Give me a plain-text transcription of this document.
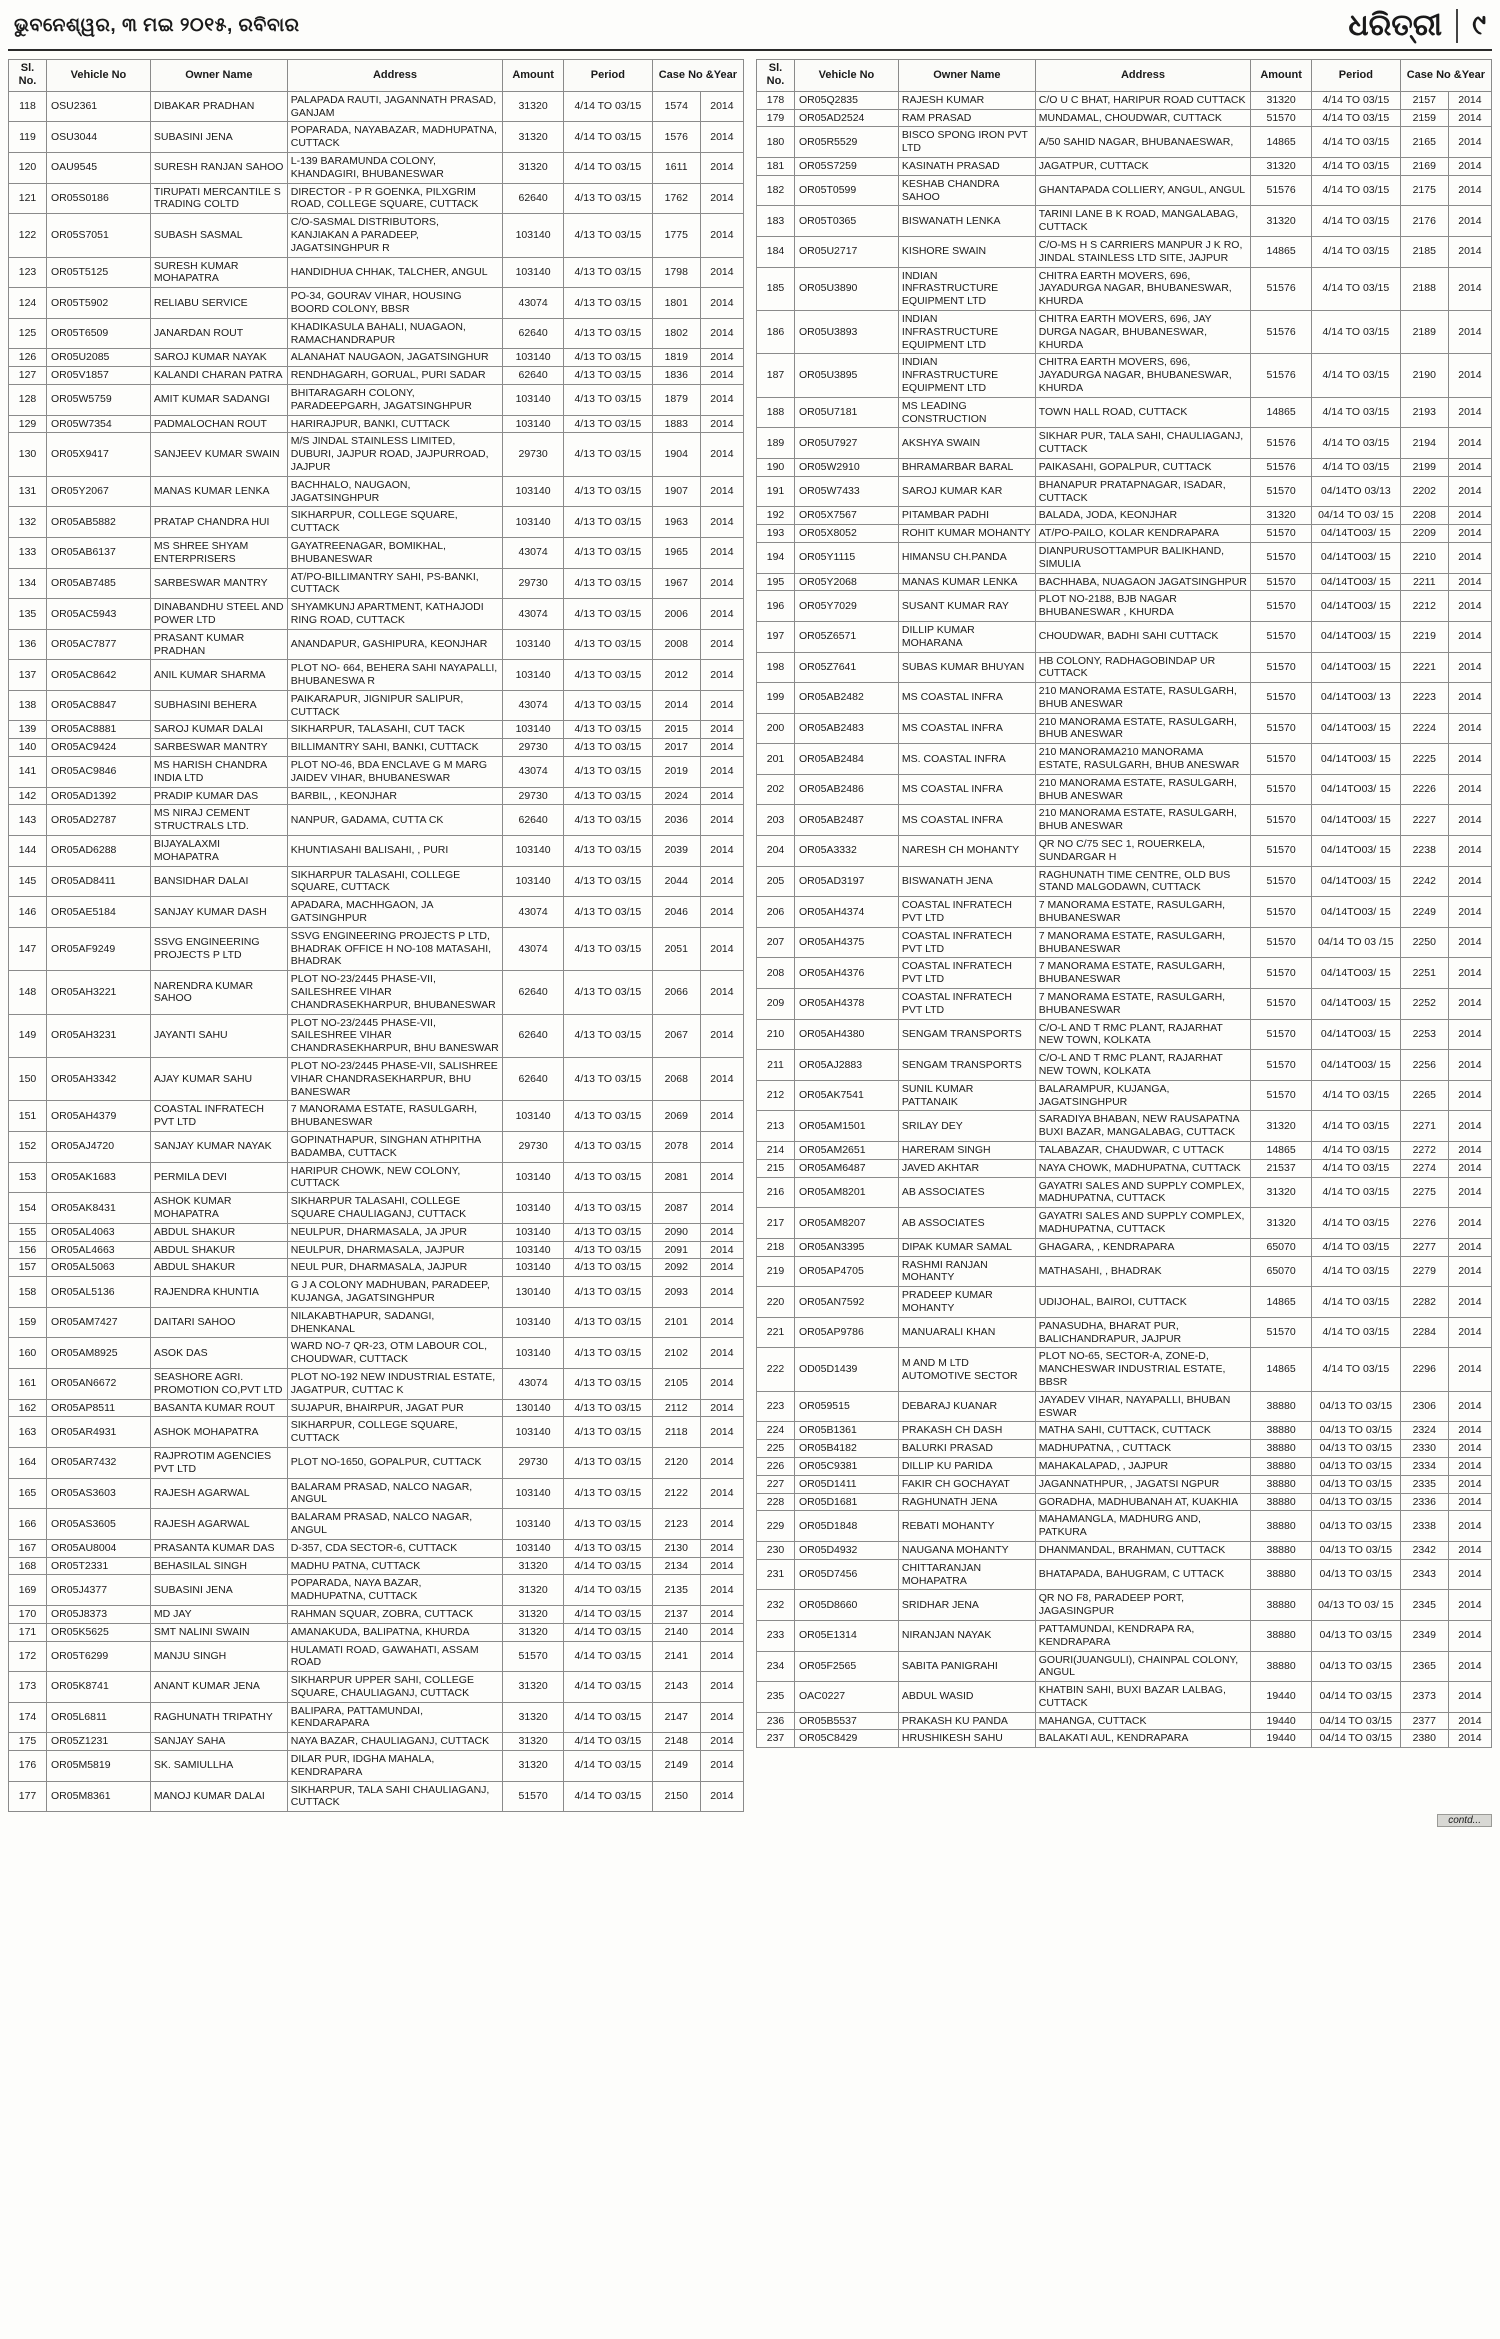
ଭୁବନେଶ୍ୱର, ୩ ମଇ ୨୦୧୫, ରବିବାର	ଧରିତ୍ରୀ ୯
Sl. No.	Vehicle No	Owner Name	Address	Amount	Period	Case No &Year	
118	OSU2361	DIBAKAR PRADHAN	PALAPADA RAUTI, JAGANNATH PRASAD, GANJAM	31320	4/14 TO 03/15	1574	2014
119	OSU3044	SUBASINI JENA	POPARADA, NAYABAZAR, MADHUPATNA, CUTTACK	31320	4/14 TO 03/15	1576	2014
120	OAU9545	SURESH RANJAN SAHOO	L-139 BARAMUNDA COLONY, KHANDAGIRI, BHUBANESWAR	31320	4/14 TO 03/15	1611	2014
121	OR05S0186	TIRUPATI MERCANTILE S TRADING COLTD	DIRECTOR - P R GOENKA, PILXGRIM ROAD, COLLEGE SQUARE, CUTTACK	62640	4/13 TO 03/15	1762	2014
122	OR05S7051	SUBASH SASMAL	C/O-SASMAL DISTRIBUTORS, KANJIAKAN A PARADEEP, JAGATSINGHPUR R	103140	4/13 TO 03/15	1775	2014
123	OR05T5125	SURESH KUMAR MOHAPATRA	HANDIDHUA CHHAK, TALCHER, ANGUL	103140	4/13 TO 03/15	1798	2014
124	OR05T5902	RELIABU SERVICE	PO-34, GOURAV VIHAR, HOUSING BOORD COLONY, BBSR	43074	4/13 TO 03/15	1801	2014
125	OR05T6509	JANARDAN ROUT	KHADIKASULA BAHALI, NUAGAON, RAMACHANDRAPUR	62640	4/13 TO 03/15	1802	2014
126	OR05U2085	SAROJ KUMAR NAYAK	ALANAHAT NAUGAON, JAGATSINGHUR	103140	4/13 TO 03/15	1819	2014
127	OR05V1857	KALANDI CHARAN PATRA	RENDHAGARH, GORUAL, PURI SADAR	62640	4/13 TO 03/15	1836	2014
128	OR05W5759	AMIT KUMAR SADANGI	BHITARAGARH COLONY, PARADEEPGARH, JAGATSINGHPUR	103140	4/13 TO 03/15	1879	2014
129	OR05W7354	PADMALOCHAN ROUT	HARIRAJPUR, BANKI, CUTTACK	103140	4/13 TO 03/15	1883	2014
130	OR05X9417	SANJEEV KUMAR SWAIN	M/S JINDAL STAINLESS LIMITED, DUBURI, JAJPUR ROAD, JAJPURROAD, JAJPUR	29730	4/13 TO 03/15	1904	2014
131	OR05Y2067	MANAS KUMAR LENKA	BACHHALO, NAUGAON, JAGATSINGHPUR	103140	4/13 TO 03/15	1907	2014
132	OR05AB5882	PRATAP CHANDRA HUI	SIKHARPUR, COLLEGE SQUARE, CUTTACK	103140	4/13 TO 03/15	1963	2014
133	OR05AB6137	MS SHREE SHYAM ENTERPRISERS	GAYATREENAGAR, BOMIKHAL, BHUBANESWAR	43074	4/13 TO 03/15	1965	2014
134	OR05AB7485	SARBESWAR MANTRY	AT/PO-BILLIMANTRY SAHI, PS-BANKI, CUTTACK	29730	4/13 TO 03/15	1967	2014
135	OR05AC5943	DINABANDHU STEEL AND POWER LTD	SHYAMKUNJ APARTMENT, KATHAJODI RING ROAD, CUTTACK	43074	4/13 TO 03/15	2006	2014
136	OR05AC7877	PRASANT KUMAR PRADHAN	ANANDAPUR, GASHIPURA, KEONJHAR	103140	4/13 TO 03/15	2008	2014
137	OR05AC8642	ANIL KUMAR SHARMA	PLOT NO- 664, BEHERA SAHI NAYAPALLI, BHUBANESWA R	103140	4/13 TO 03/15	2012	2014
138	OR05AC8847	SUBHASINI BEHERA	PAIKARAPUR, JIGNIPUR SALIPUR, CUTTACK	43074	4/13 TO 03/15	2014	2014
139	OR05AC8881	SAROJ KUMAR DALAI	SIKHARPUR, TALASAHI, CUT TACK	103140	4/13 TO 03/15	2015	2014
140	OR05AC9424	SARBESWAR MANTRY	BILLIMANTRY SAHI, BANKI, CUTTACK	29730	4/13 TO 03/15	2017	2014
141	OR05AC9846	MS HARISH CHANDRA INDIA LTD	PLOT NO-46, BDA ENCLAVE G M MARG JAIDEV VIHAR, BHUBANESWAR	43074	4/13 TO 03/15	2019	2014
142	OR05AD1392	PRADIP KUMAR DAS	BARBIL, , KEONJHAR	29730	4/13 TO 03/15	2024	2014
143	OR05AD2787	MS NIRAJ CEMENT STRUCTRALS LTD.	NANPUR, GADAMA, CUTTA CK	62640	4/13 TO 03/15	2036	2014
144	OR05AD6288	BIJAYALAXMI MOHAPATRA	KHUNTIASAHI BALISAHI, , PURI	103140	4/13 TO 03/15	2039	2014
145	OR05AD8411	BANSIDHAR DALAI	SIKHARPUR TALASAHI, COLLEGE SQUARE, CUTTACK	103140	4/13 TO 03/15	2044	2014
146	OR05AE5184	SANJAY KUMAR DASH	APADARA, MACHHGAON, JA GATSINGHPUR	43074	4/13 TO 03/15	2046	2014
147	OR05AF9249	SSVG ENGINEERING PROJECTS P LTD	SSVG ENGINEERING PROJECTS P LTD, BHADRAK OFFICE H NO-108 MATASAHI, BHADRAK	43074	4/13 TO 03/15	2051	2014
148	OR05AH3221	NARENDRA KUMAR SAHOO	PLOT NO-23/2445 PHASE-VII, SAILESHREE VIHAR CHANDRASEKHARPUR, BHUBANESWAR	62640	4/13 TO 03/15	2066	2014
149	OR05AH3231	JAYANTI SAHU	PLOT NO-23/2445 PHASE-VII, SAILESHREE VIHAR CHANDRASEKHARPUR, BHU BANESWAR	62640	4/13 TO 03/15	2067	2014
150	OR05AH3342	AJAY KUMAR SAHU	PLOT NO-23/2445 PHASE-VII, SALISHREE VIHAR CHANDRASEKHARPUR, BHU BANESWAR	62640	4/13 TO 03/15	2068	2014
151	OR05AH4379	COASTAL INFRATECH PVT LTD	7 MANORAMA ESTATE, RASULGARH, BHUBANESWAR	103140	4/13 TO 03/15	2069	2014
152	OR05AJ4720	SANJAY KUMAR NAYAK	GOPINATHAPUR, SINGHAN ATHPITHA BADAMBA, CUTTACK	29730	4/13 TO 03/15	2078	2014
153	OR05AK1683	PERMILA DEVI	HARIPUR CHOWK, NEW COLONY, CUTTACK	103140	4/13 TO 03/15	2081	2014
154	OR05AK8431	ASHOK KUMAR MOHAPATRA	SIKHARPUR TALASAHI, COLLEGE SQUARE CHAULIAGANJ, CUTTACK	103140	4/13 TO 03/15	2087	2014
155	OR05AL4063	ABDUL SHAKUR	NEULPUR, DHARMASALA, JA JPUR	103140	4/13 TO 03/15	2090	2014
156	OR05AL4663	ABDUL SHAKUR	NEULPUR, DHARMASALA, JAJPUR	103140	4/13 TO 03/15	2091	2014
157	OR05AL5063	ABDUL SHAKUR	NEUL PUR, DHARMASALA, JAJPUR	103140	4/13 TO 03/15	2092	2014
158	OR05AL5136	RAJENDRA KHUNTIA	G J A COLONY MADHUBAN, PARADEEP, KUJANGA, JAGATSINGHPUR	130140	4/13 TO 03/15	2093	2014
159	OR05AM7427	DAITARI SAHOO	NILAKABTHAPUR, SADANGI, DHENKANAL	103140	4/13 TO 03/15	2101	2014
160	OR05AM8925	ASOK DAS	WARD NO-7 QR-23, OTM LABOUR COL, CHOUDWAR, CUTTACK	103140	4/13 TO 03/15	2102	2014
161	OR05AN6672	SEASHORE AGRI. PROMOTION CO,PVT LTD	PLOT NO-192 NEW INDUSTRIAL ESTATE, JAGATPUR, CUTTAC K	43074	4/13 TO 03/15	2105	2014
162	OR05AP8511	BASANTA KUMAR ROUT	SUJAPUR, BHAIRPUR, JAGAT PUR	130140	4/13 TO 03/15	2112	2014
163	OR05AR4931	ASHOK MOHAPATRA	SIKHARPUR, COLLEGE SQUARE, CUTTACK	103140	4/13 TO 03/15	2118	2014
164	OR05AR7432	RAJPROTIM AGENCIES PVT LTD	PLOT NO-1650, GOPALPUR, CUTTACK	29730	4/13 TO 03/15	2120	2014
165	OR05AS3603	RAJESH AGARWAL	BALARAM PRASAD, NALCO NAGAR, ANGUL	103140	4/13 TO 03/15	2122	2014
166	OR05AS3605	RAJESH AGARWAL	BALARAM PRASAD, NALCO NAGAR, ANGUL	103140	4/13 TO 03/15	2123	2014
167	OR05AU8004	PRASANTA KUMAR DAS	D-357, CDA SECTOR-6, CUTTACK	103140	4/13 TO 03/15	2130	2014
168	OR05T2331	BEHASILAL SINGH	MADHU PATNA, CUTTACK	31320	4/14 TO 03/15	2134	2014
169	OR05J4377	SUBASINI JENA	POPARADA, NAYA BAZAR, MADHUPATNA, CUTTACK	31320	4/14 TO 03/15	2135	2014
170	OR05J8373	MD JAY	RAHMAN SQUAR, ZOBRA, CUTTACK	31320	4/14 TO 03/15	2137	2014
171	OR05K5625	SMT NALINI SWAIN	AMANAKUDA, BALIPATNA, KHURDA	31320	4/14 TO 03/15	2140	2014
172	OR05T6299	MANJU SINGH	HULAMATI ROAD, GAWAHATI, ASSAM ROAD	51570	4/14 TO 03/15	2141	2014
173	OR05K8741	ANANT KUMAR JENA	SIKHARPUR UPPER SAHI, COLLEGE SQUARE, CHAULIAGANJ, CUTTACK	31320	4/14 TO 03/15	2143	2014
174	OR05L6811	RAGHUNATH TRIPATHY	BALIPARA, PATTAMUNDAI, KENDARAPARA	31320	4/14 TO 03/15	2147	2014
175	OR05Z1231	SANJAY SAHA	NAYA BAZAR, CHAULIAGANJ, CUTTACK	31320	4/14 TO 03/15	2148	2014
176	OR05M5819	SK. SAMIULLHA	DILAR PUR, IDGHA MAHALA, KENDRAPARA	31320	4/14 TO 03/15	2149	2014
177	OR05M8361	MANOJ KUMAR DALAI	SIKHARPUR, TALA SAHI CHAULIAGANJ, CUTTACK	51570	4/14 TO 03/15	2150	2014
Sl. No.	Vehicle No	Owner Name	Address	Amount	Period	Case No &Year	
178	OR05Q2835	RAJESH KUMAR	C/O U C BHAT, HARIPUR ROAD CUTTACK	31320	4/14 TO 03/15	2157	2014
179	OR05AD2524	RAM PRASAD	MUNDAMAL, CHOUDWAR, CUTTACK	51570	4/14 TO 03/15	2159	2014
180	OR05R5529	BISCO SPONG IRON PVT LTD	A/50 SAHID NAGAR, BHUBANAESWAR,	14865	4/14 TO 03/15	2165	2014
181	OR05S7259	KASINATH PRASAD	JAGATPUR, CUTTACK	31320	4/14 TO 03/15	2169	2014
182	OR05T0599	KESHAB CHANDRA SAHOO	GHANTAPADA COLLIERY, ANGUL, ANGUL	51576	4/14 TO 03/15	2175	2014
183	OR05T0365	BISWANATH LENKA	TARINI LANE B K ROAD, MANGALABAG, CUTTACK	31320	4/14 TO 03/15	2176	2014
184	OR05U2717	KISHORE SWAIN	C/O-MS H S CARRIERS MANPUR J K RO, JINDAL STAINLESS LTD SITE, JAJPUR	14865	4/14 TO 03/15	2185	2014
185	OR05U3890	INDIAN INFRASTRUCTURE EQUIPMENT LTD	CHITRA EARTH MOVERS, 696, JAYADURGA NAGAR, BHUBANESWAR, KHURDA	51576	4/14 TO 03/15	2188	2014
186	OR05U3893	INDIAN INFRASTRUCTURE EQUIPMENT LTD	CHITRA EARTH MOVERS, 696, JAY DURGA NAGAR, BHUBANESWAR, KHURDA	51576	4/14 TO 03/15	2189	2014
187	OR05U3895	INDIAN INFRASTRUCTURE EQUIPMENT LTD	CHITRA EARTH MOVERS, 696, JAYADURGA NAGAR, BHUBANESWAR, KHURDA	51576	4/14 TO 03/15	2190	2014
188	OR05U7181	MS LEADING CONSTRUCTION	TOWN HALL ROAD, CUTTACK	14865	4/14 TO 03/15	2193	2014
189	OR05U7927	AKSHYA SWAIN	SIKHAR PUR, TALA SAHI, CHAULIAGANJ, CUTTACK	51576	4/14 TO 03/15	2194	2014
190	OR05W2910	BHRAMARBAR BARAL	PAIKASAHI, GOPALPUR, CUTTACK	51576	4/14 TO 03/15	2199	2014
191	OR05W7433	SAROJ KUMAR KAR	BHANAPUR PRATAPNAGAR, ISADAR, CUTTACK	51570	04/14TO 03/13	2202	2014
192	OR05X7567	PITAMBAR PADHI	BALADA, JODA, KEONJHAR	31320	04/14 TO 03/ 15	2208	2014
193	OR05X8052	ROHIT KUMAR MOHANTY	AT/PO-PAILO, KOLAR KENDRAPARA	51570	04/14TO03/ 15	2209	2014
194	OR05Y1115	HIMANSU CH.PANDA	DIANPURUSOTTAMPUR BALIKHAND, SIMULIA	51570	04/14TO03/ 15	2210	2014
195	OR05Y2068	MANAS KUMAR LENKA	BACHHABA, NUAGAON JAGATSINGHPUR	51570	04/14TO03/ 15	2211	2014
196	OR05Y7029	SUSANT KUMAR RAY	PLOT NO-2188, BJB NAGAR BHUBANESWAR , KHURDA	51570	04/14TO03/ 15	2212	2014
197	OR05Z6571	DILLIP KUMAR MOHARANA	CHOUDWAR, BADHI SAHI CUTTACK	51570	04/14TO03/ 15	2219	2014
198	OR05Z7641	SUBAS KUMAR BHUYAN	HB COLONY, RADHAGOBINDAP UR CUTTACK	51570	04/14TO03/ 15	2221	2014
199	OR05AB2482	MS COASTAL INFRA	210 MANORAMA ESTATE, RASULGARH, BHUB ANESWAR	51570	04/14TO03/ 13	2223	2014
200	OR05AB2483	MS COASTAL INFRA	210 MANORAMA ESTATE, RASULGARH, BHUB ANESWAR	51570	04/14TO03/ 15	2224	2014
201	OR05AB2484	MS. COASTAL INFRA	210 MANORAMA210 MANORAMA ESTATE, RASULGARH, BHUB ANESWAR	51570	04/14TO03/ 15	2225	2014
202	OR05AB2486	MS COASTAL INFRA	210 MANORAMA ESTATE, RASULGARH, BHUB ANESWAR	51570	04/14TO03/ 15	2226	2014
203	OR05AB2487	MS COASTAL INFRA	210 MANORAMA ESTATE, RASULGARH, BHUB ANESWAR	51570	04/14TO03/ 15	2227	2014
204	OR05A3332	NARESH CH MOHANTY	QR NO C/75 SEC 1, ROUERKELA, SUNDARGAR H	51570	04/14TO03/ 15	2238	2014
205	OR05AD3197	BISWANATH JENA	RAGHUNATH TIME CENTRE, OLD BUS STAND MALGODAWN, CUTTACK	51570	04/14TO03/ 15	2242	2014
206	OR05AH4374	COASTAL INFRATECH PVT LTD	7 MANORAMA ESTATE, RASULGARH, BHUBANESWAR	51570	04/14TO03/ 15	2249	2014
207	OR05AH4375	COASTAL INFRATECH PVT LTD	7 MANORAMA ESTATE, RASULGARH, BHUBANESWAR	51570	04/14 TO 03 /15	2250	2014
208	OR05AH4376	COASTAL INFRATECH PVT LTD	7 MANORAMA ESTATE, RASULGARH, BHUBANESWAR	51570	04/14TO03/ 15	2251	2014
209	OR05AH4378	COASTAL INFRATECH PVT LTD	7 MANORAMA ESTATE, RASULGARH, BHUBANESWAR	51570	04/14TO03/ 15	2252	2014
210	OR05AH4380	SENGAM TRANSPORTS	C/O-L AND T RMC PLANT, RAJARHAT NEW TOWN, KOLKATA	51570	04/14TO03/ 15	2253	2014
211	OR05AJ2883	SENGAM TRANSPORTS	C/O-L AND T RMC PLANT, RAJARHAT NEW TOWN, KOLKATA	51570	04/14TO03/ 15	2256	2014
212	OR05AK7541	SUNIL KUMAR PATTANAIK	BALARAMPUR, KUJANGA, JAGATSINGHPUR	51570	4/14 TO 03/15	2265	2014
213	OR05AM1501	SRILAY DEY	SARADIYA BHABAN, NEW RAUSAPATNA BUXI BAZAR, MANGALABAG, CUTTACK	31320	4/14 TO 03/15	2271	2014
214	OR05AM2651	HARERAM SINGH	TALABAZAR, CHAUDWAR, C UTTACK	14865	4/14 TO 03/15	2272	2014
215	OR05AM6487	JAVED AKHTAR	NAYA CHOWK, MADHUPATNA, CUTTACK	21537	4/14 TO 03/15	2274	2014
216	OR05AM8201	AB ASSOCIATES	GAYATRI SALES AND SUPPLY COMPLEX, MADHUPATNA, CUTTACK	31320	4/14 TO 03/15	2275	2014
217	OR05AM8207	AB ASSOCIATES	GAYATRI SALES AND SUPPLY COMPLEX, MADHUPATNA, CUTTACK	31320	4/14 TO 03/15	2276	2014
218	OR05AN3395	DIPAK KUMAR SAMAL	GHAGARA, , KENDRAPARA	65070	4/14 TO 03/15	2277	2014
219	OR05AP4705	RASHMI RANJAN MOHANTY	MATHASAHI, , BHADRAK	65070	4/14 TO 03/15	2279	2014
220	OR05AN7592	PRADEEP KUMAR MOHANTY	UDIJOHAL, BAIROI, CUTTACK	14865	4/14 TO 03/15	2282	2014
221	OR05AP9786	MANUARALI KHAN	PANASUDHA, BHARAT PUR, BALICHANDRAPUR, JAJPUR	51570	4/14 TO 03/15	2284	2014
222	OD05D1439	M AND M LTD AUTOMOTIVE SECTOR	PLOT NO-65, SECTOR-A, ZONE-D, MANCHESWAR INDUSTRIAL ESTATE, BBSR	14865	4/14 TO 03/15	2296	2014
223	OR059515	DEBARAJ KUANAR	JAYADEV VIHAR, NAYAPALLI, BHUBAN ESWAR	38880	04/13 TO 03/15	2306	2014
224	OR05B1361	PRAKASH CH DASH	MATHA SAHI, CUTTACK, CUTTACK	38880	04/13 TO 03/15	2324	2014
225	OR05B4182	BALURKI PRASAD	MADHUPATNA, , CUTTACK	38880	04/13 TO 03/15	2330	2014
226	OR05C9381	DILLIP KU PARIDA	MAHAKALAPAD, , JAJPUR	38880	04/13 TO 03/15	2334	2014
227	OR05D1411	FAKIR CH GOCHAYAT	JAGANNATHPUR, , JAGATSI NGPUR	38880	04/13 TO 03/15	2335	2014
228	OR05D1681	RAGHUNATH JENA	GORADHA, MADHUBANAH AT, KUAKHIA	38880	04/13 TO 03/15	2336	2014
229	OR05D1848	REBATI MOHANTY	MAHAMANGLA, MADHURG AND, PATKURA	38880	04/13 TO 03/15	2338	2014
230	OR05D4932	NAUGANA MOHANTY	DHANMANDAL, BRAHMAN, CUTTACK	38880	04/13 TO 03/15	2342	2014
231	OR05D7456	CHITTARANJAN MOHAPATRA	BHATAPADA, BAHUGRAM, C UTTACK	38880	04/13 TO 03/15	2343	2014
232	OR05D8660	SRIDHAR JENA	QR NO F8, PARADEEP PORT, JAGASINGPUR	38880	04/13 TO 03/ 15	2345	2014
233	OR05E1314	NIRANJAN NAYAK	PATTAMUNDAI, KENDRAPA RA, KENDRAPARA	38880	04/13 TO 03/15	2349	2014
234	OR05F2565	SABITA PANIGRAHI	GOURI(JUANGULI), CHAINPAL COLONY, ANGUL	38880	04/13 TO 03/15	2365	2014
235	OAC0227	ABDUL WASID	KHATBIN SAHI, BUXI BAZAR LALBAG, CUTTACK	19440	04/14 TO 03/15	2373	2014
236	OR05B5537	PRAKASH KU PANDA	MAHANGA, CUTTACK	19440	04/14 TO 03/15	2377	2014
237	OR05C8429	HRUSHIKESH SAHU	BALAKATI AUL, KENDRAPARA	19440	04/14 TO 03/15	2380	2014
contd...
